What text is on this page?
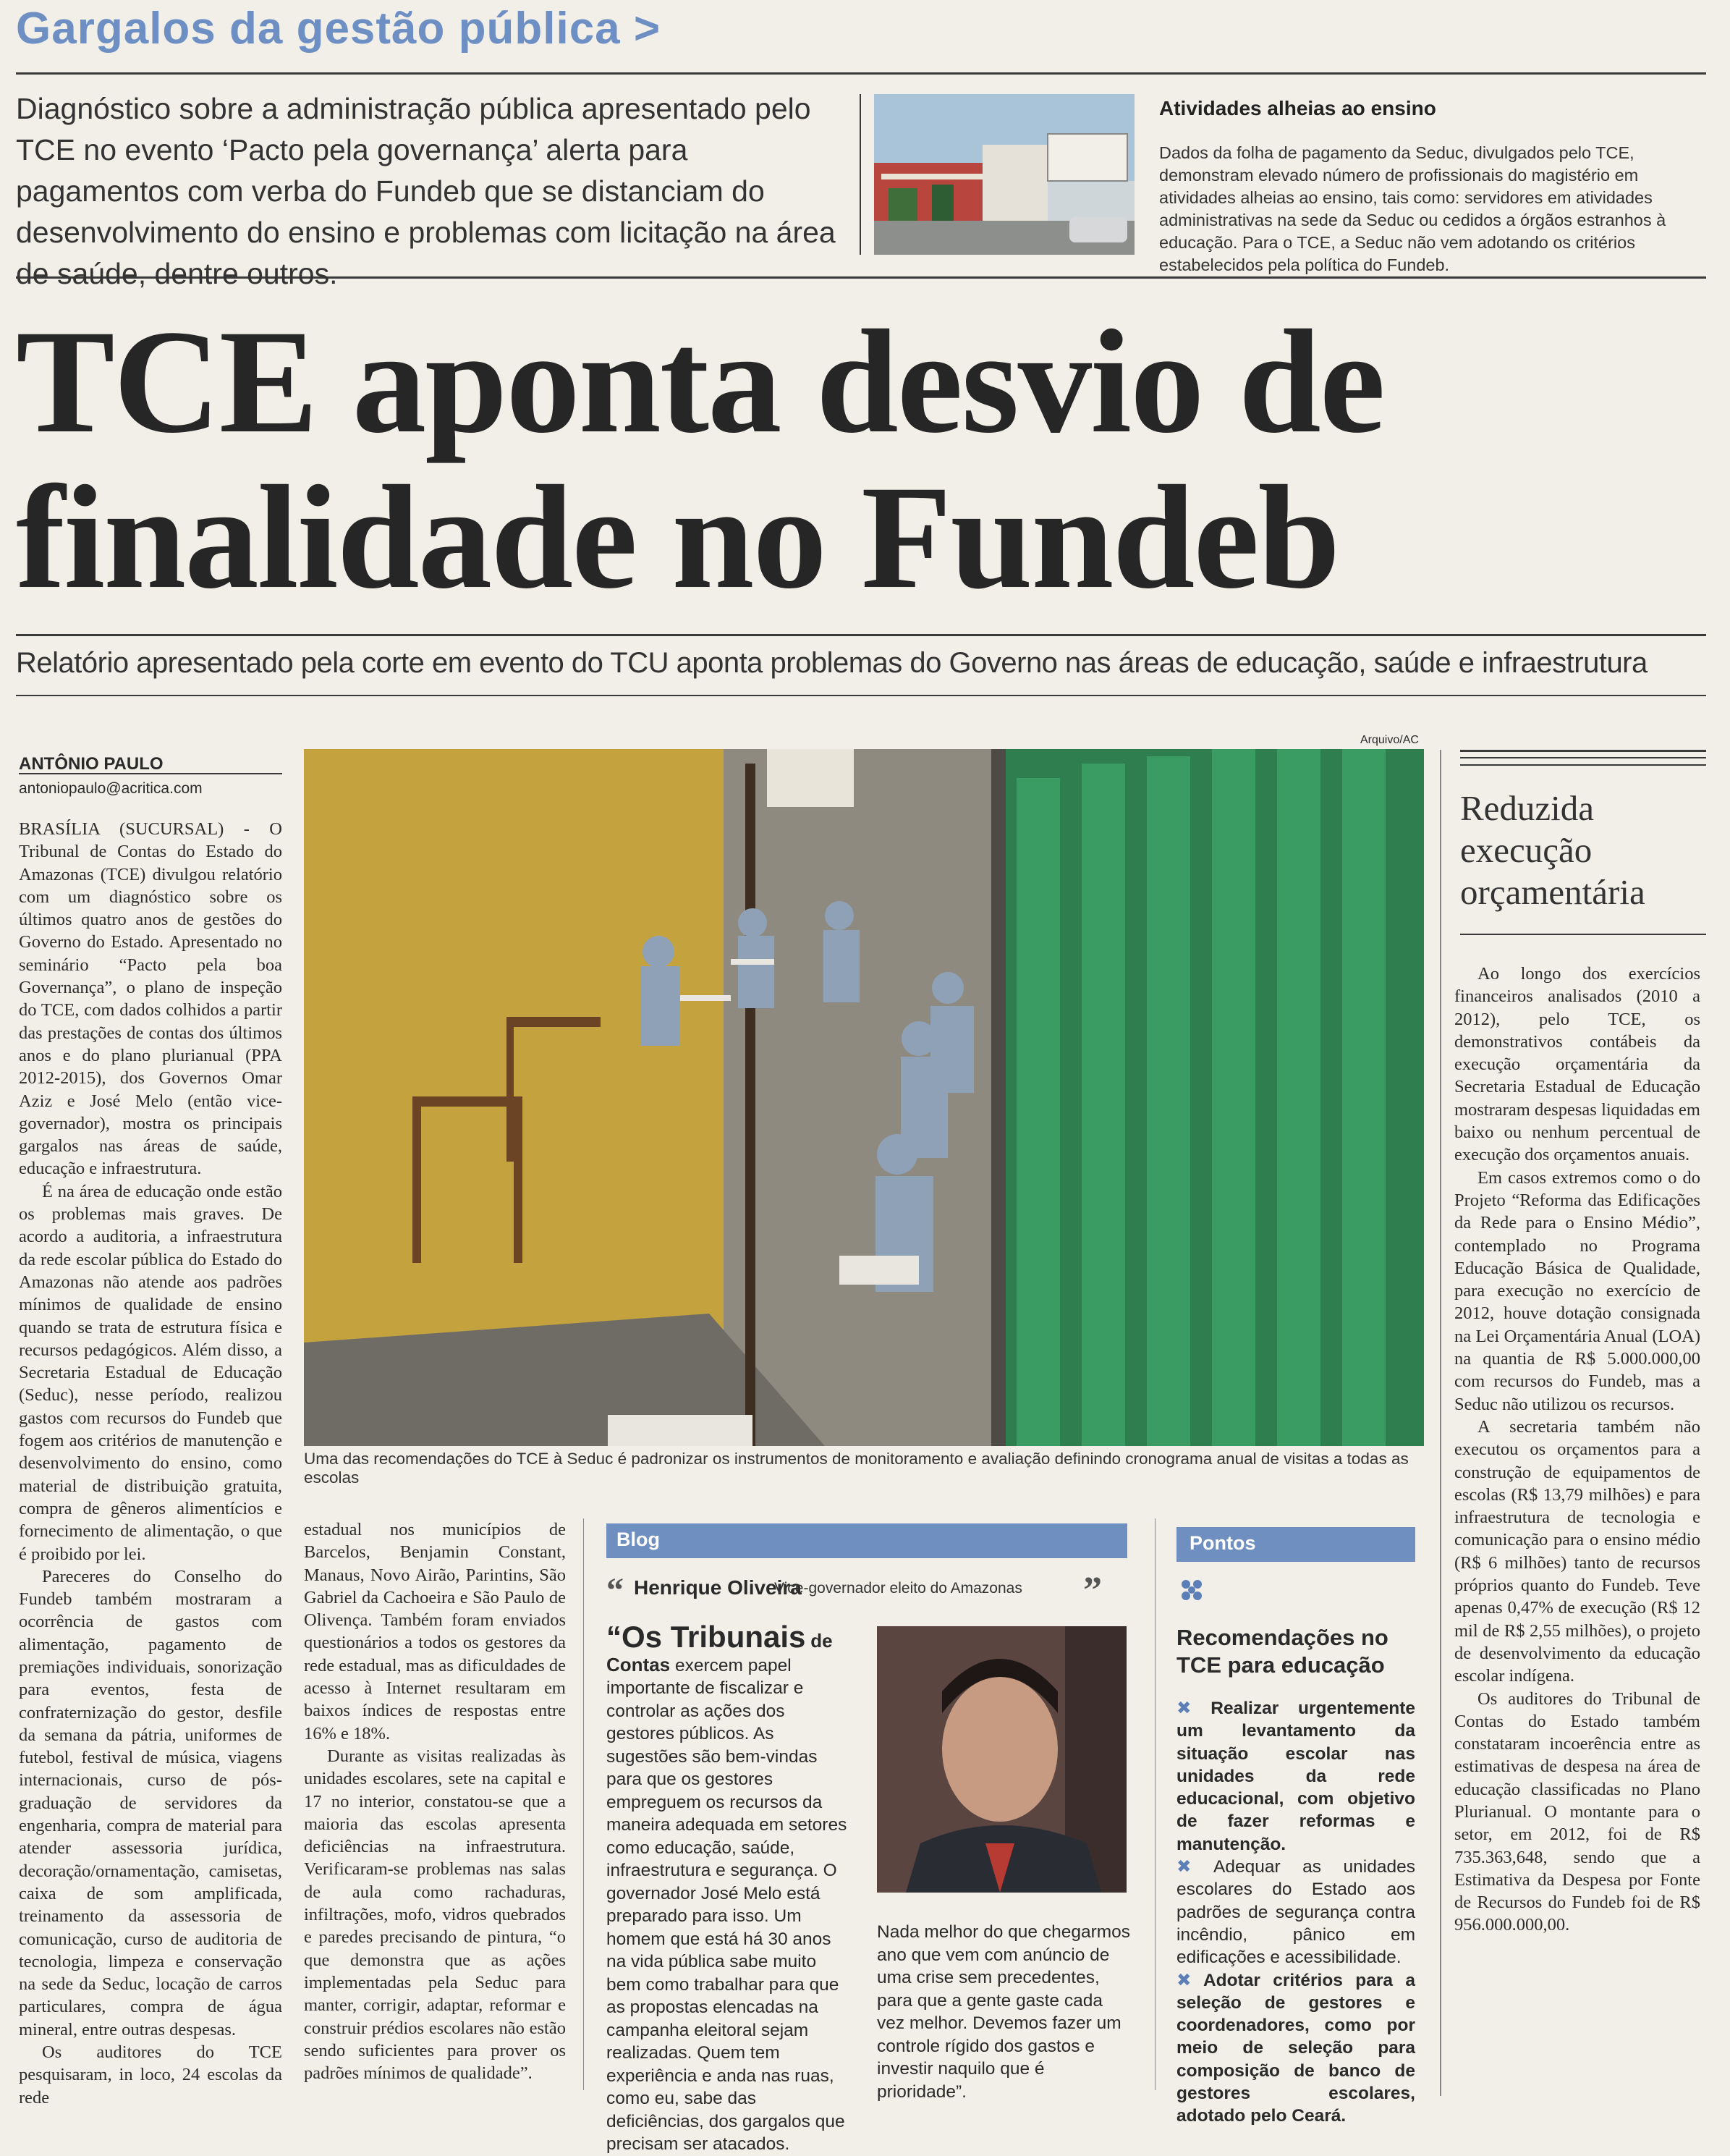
Gargalos da gestão pública >
Diagnóstico sobre a administração pública apresentado pelo TCE no evento ‘Pacto pela governança’ alerta para pagamentos com verba do Fundeb que se distanciam do desenvolvimento do ensino e problemas com licitação na área de saúde, dentre outros.
Atividades alheias ao ensino
Dados da folha de pagamento da Seduc, divulgados pelo TCE, demonstram elevado número de profissionais do magistério em atividades alheias ao ensino, tais como: servidores em atividades administrativas na sede da Seduc ou cedidos a órgãos estranhos à educação. Para o TCE, a Seduc não vem adotando os critérios estabelecidos pela política do Fundeb.
TCE aponta desvio de
finalidade no Fundeb
Relatório apresentado pela corte em evento do TCU aponta problemas do Governo nas áreas de educação, saúde e infraestrutura
ANTÔNIO PAULO
antoniopaulo@acritica.com

BRASÍLIA (SUCURSAL) - O Tribunal de Contas do Estado do Amazonas (TCE) divulgou relatório com um diagnóstico sobre os últimos quatro anos de gestões do Governo do Estado. Apresentado no seminário “Pacto pela boa Governança”, o plano de inspeção do TCE, com dados colhidos a partir das prestações de contas dos últimos anos e do plano plurianual (PPA 2012-2015), dos Governos Omar Aziz e José Melo (então vice-governador), mostra os principais gargalos nas áreas de saúde, educação e infraestrutura.

É na área de educação onde estão os problemas mais graves. De acordo a auditoria, a infraestrutura da rede escolar pública do Estado do Amazonas não atende aos padrões mínimos de qualidade de ensino quando se trata de estrutura física e recursos pedagógicos. Além disso, a Secretaria Estadual de Educação (Seduc), nesse período, realizou gastos com recursos do Fundeb que fogem aos critérios de manutenção e desenvolvimento do ensino, como material de distribuição gratuita, compra de gêneros alimentícios e fornecimento de alimentação, o que é proibido por lei.

Pareceres do Conselho do Fundeb também mostraram a ocorrência de gastos com alimentação, pagamento de premiações individuais, sonorização para eventos, festa de confraternização do gestor, desfile da semana da pátria, uniformes de futebol, festival de música, viagens internacionais, curso de pós-graduação de servidores da engenharia, compra de material para atender assessoria jurídica, decoração/ornamentação, camisetas, caixa de som amplificada, treinamento da assessoria de comunicação, curso de auditoria de tecnologia, limpeza e conservação na sede da Seduc, locação de carros particulares, compra de água mineral, entre outras despesas.

Os auditores do TCE pesquisaram, in loco, 24 escolas da rede

Arquivo/AC
Uma das recomendações do TCE à Seduc é padronizar os instrumentos de monitoramento e avaliação definindo cronograma anual de visitas a todas as escolas

estadual nos municípios de Barcelos, Benjamin Constant, Manaus, Novo Airão, Parintins, São Gabriel da Cachoeira e São Paulo de Olivença. Também foram enviados questionários a todos os gestores da rede estadual, mas as dificuldades de acesso à Internet resultaram em baixos índices de respostas entre 16% e 18%.

Durante as visitas realizadas às unidades escolares, sete na capital e 17 no interior, constatou-se que a maioria das escolas apresenta deficiências na infraestrutura. Verificaram-se problemas nas salas de aula como rachaduras, infiltrações, mofo, vidros quebrados e paredes precisando de pintura, “o que demonstra que as ações implementadas pela Seduc para manter, corrigir, adaptar, reformar e construir prédios escolares não estão sendo suficientes para prover os padrões mínimos de qualidade”.

Blog
“ Henrique Oliveira
Vice-governador eleito do Amazonas ”
“Os Tribunais de Contas exercem papel importante de fiscalizar e controlar as ações dos gestores públicos. As sugestões são bem-vindas para que os gestores empreguem os recursos da maneira adequada em setores como educação, saúde, infraestrutura e segurança. O governador José Melo está preparado para isso. Um homem que está há 30 anos na vida pública sabe muito bem como trabalhar para que as propostas elencadas na campanha eleitoral sejam realizadas. Quem tem experiência e anda nas ruas, como eu, sabe das deficiências, dos gargalos que precisam ser atacados.
Nada melhor do que chegarmos ano que vem com anúncio de uma crise sem precedentes, para que a gente gaste cada vez melhor. Devemos fazer um controle rígido dos gastos e investir naquilo que é prioridade”.
Pontos
Recomendações no TCE para educação

✖ Realizar urgentemente um levantamento da situação escolar nas unidades da rede educacional, com objetivo de fazer reformas e manutenção.

✖ Adequar as unidades escolares do Estado aos padrões de segurança contra incêndio, pânico em edificações e acessibilidade.

✖ Adotar critérios para a seleção de gestores e coordenadores, como por meio de seleção para composição de banco de gestores escolares, adotado pelo Ceará.

Reduzida execução orçamentária

Ao longo dos exercícios financeiros analisados (2010 a 2012), pelo TCE, os demonstrativos contábeis da execução orçamentária da Secretaria Estadual de Educação mostraram despesas liquidadas em baixo ou nenhum percentual de execução dos orçamentos anuais.

Em casos extremos como o do Projeto “Reforma das Edificações da Rede para o Ensino Médio”, contemplado no Programa Educação Básica de Qualidade, para execução no exercício de 2012, houve dotação consignada na Lei Orçamentária Anual (LOA) na quantia de R$ 5.000.000,00 com recursos do Fundeb, mas a Seduc não utilizou os recursos.

A secretaria também não executou os orçamentos para a construção de equipamentos de escolas (R$ 13,79 milhões) e para infraestrutura de tecnologia e comunicação para o ensino médio (R$ 6 milhões) tanto de recursos próprios quanto do Fundeb. Teve apenas 0,47% de execução (R$ 12 mil de R$ 2,55 milhões), o projeto de desenvolvimento da educação escolar indígena.

Os auditores do Tribunal de Contas do Estado também constataram incoerência entre as estimativas de despesa na área de educação classificadas no Plano Plurianual. O montante para o setor, em 2012, foi de R$ 735.363,648, sendo que a Estimativa da Despesa por Fonte de Recursos do Fundeb foi de R$ 956.000.000,00.
